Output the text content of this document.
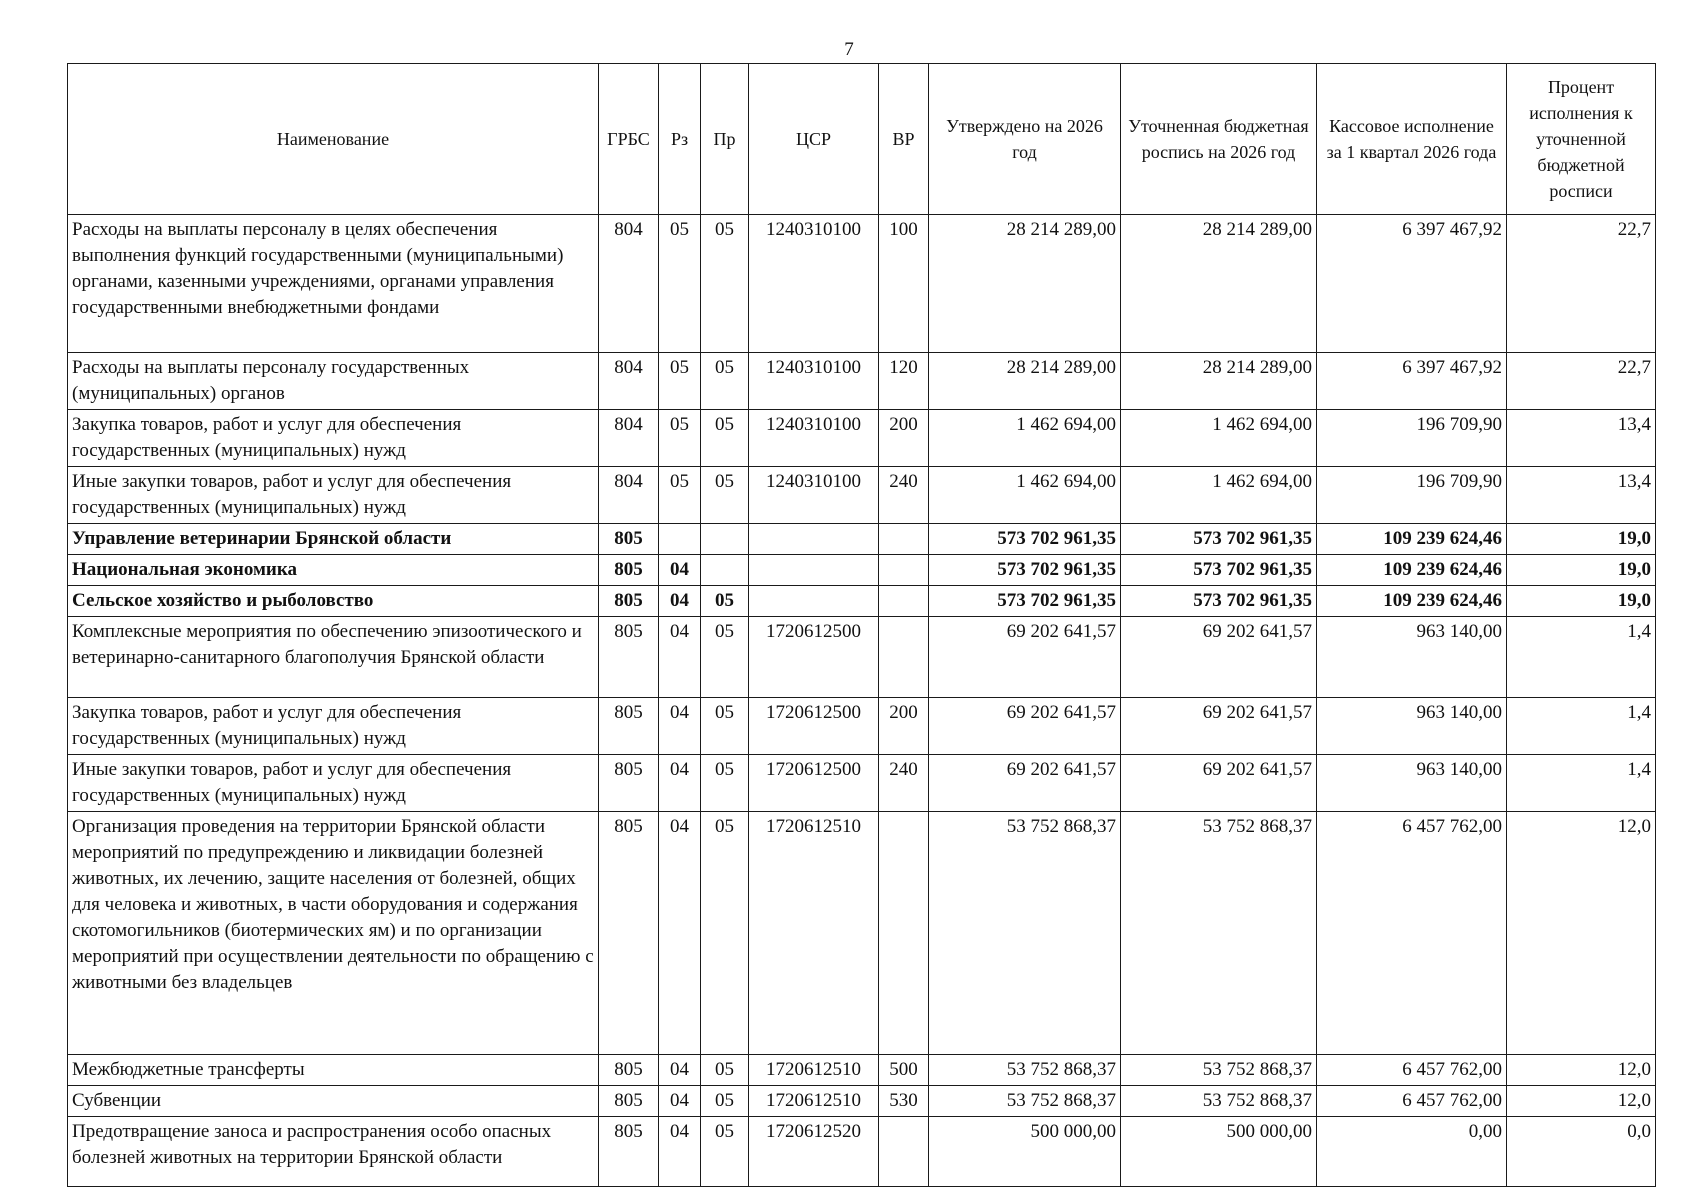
7
Наименование	ГРБС	Рз	Пр	ЦСР	ВР	Утверждено на 2026 год	Уточненная бюджетная роспись на 2026 год	Кассовое исполнение за 1 квартал 2026 года	Процент исполнения к уточненной бюджетной росписи
Расходы на выплаты персоналу в целях обеспечения выполнения функций государственными (муниципальными) органами, казенными учреждениями, органами управления государственными внебюджетными фондами	804	05	05	1240310100	100	28 214 289,00	28 214 289,00	6 397 467,92	22,7
Расходы на выплаты персоналу государственных (муниципальных) органов	804	05	05	1240310100	120	28 214 289,00	28 214 289,00	6 397 467,92	22,7
Закупка товаров, работ и услуг для обеспечения государственных (муниципальных) нужд	804	05	05	1240310100	200	1 462 694,00	1 462 694,00	196 709,90	13,4
Иные закупки товаров, работ и услуг для обеспечения государственных (муниципальных) нужд	804	05	05	1240310100	240	1 462 694,00	1 462 694,00	196 709,90	13,4
Управление ветеринарии Брянской области	805					573 702 961,35	573 702 961,35	109 239 624,46	19,0
Национальная экономика	805	04				573 702 961,35	573 702 961,35	109 239 624,46	19,0
Сельское хозяйство и рыболовство	805	04	05			573 702 961,35	573 702 961,35	109 239 624,46	19,0
Комплексные мероприятия по обеспечению эпизоотического и ветеринарно-санитарного благополучия Брянской области	805	04	05	1720612500		69 202 641,57	69 202 641,57	963 140,00	1,4
Закупка товаров, работ и услуг для обеспечения государственных (муниципальных) нужд	805	04	05	1720612500	200	69 202 641,57	69 202 641,57	963 140,00	1,4
Иные закупки товаров, работ и услуг для обеспечения государственных (муниципальных) нужд	805	04	05	1720612500	240	69 202 641,57	69 202 641,57	963 140,00	1,4
Организация проведения на территории Брянской области мероприятий по предупреждению и ликвидации болезней животных, их лечению, защите населения от болезней, общих для человека и животных, в части оборудования и содержания скотомогильников (биотермических ям) и по организации мероприятий при осуществлении деятельности по обращению с животными без владельцев	805	04	05	1720612510		53 752 868,37	53 752 868,37	6 457 762,00	12,0
Межбюджетные трансферты	805	04	05	1720612510	500	53 752 868,37	53 752 868,37	6 457 762,00	12,0
Субвенции	805	04	05	1720612510	530	53 752 868,37	53 752 868,37	6 457 762,00	12,0
Предотвращение заноса и распространения особо опасных болезней животных на территории Брянской области	805	04	05	1720612520		500 000,00	500 000,00	0,00	0,0
